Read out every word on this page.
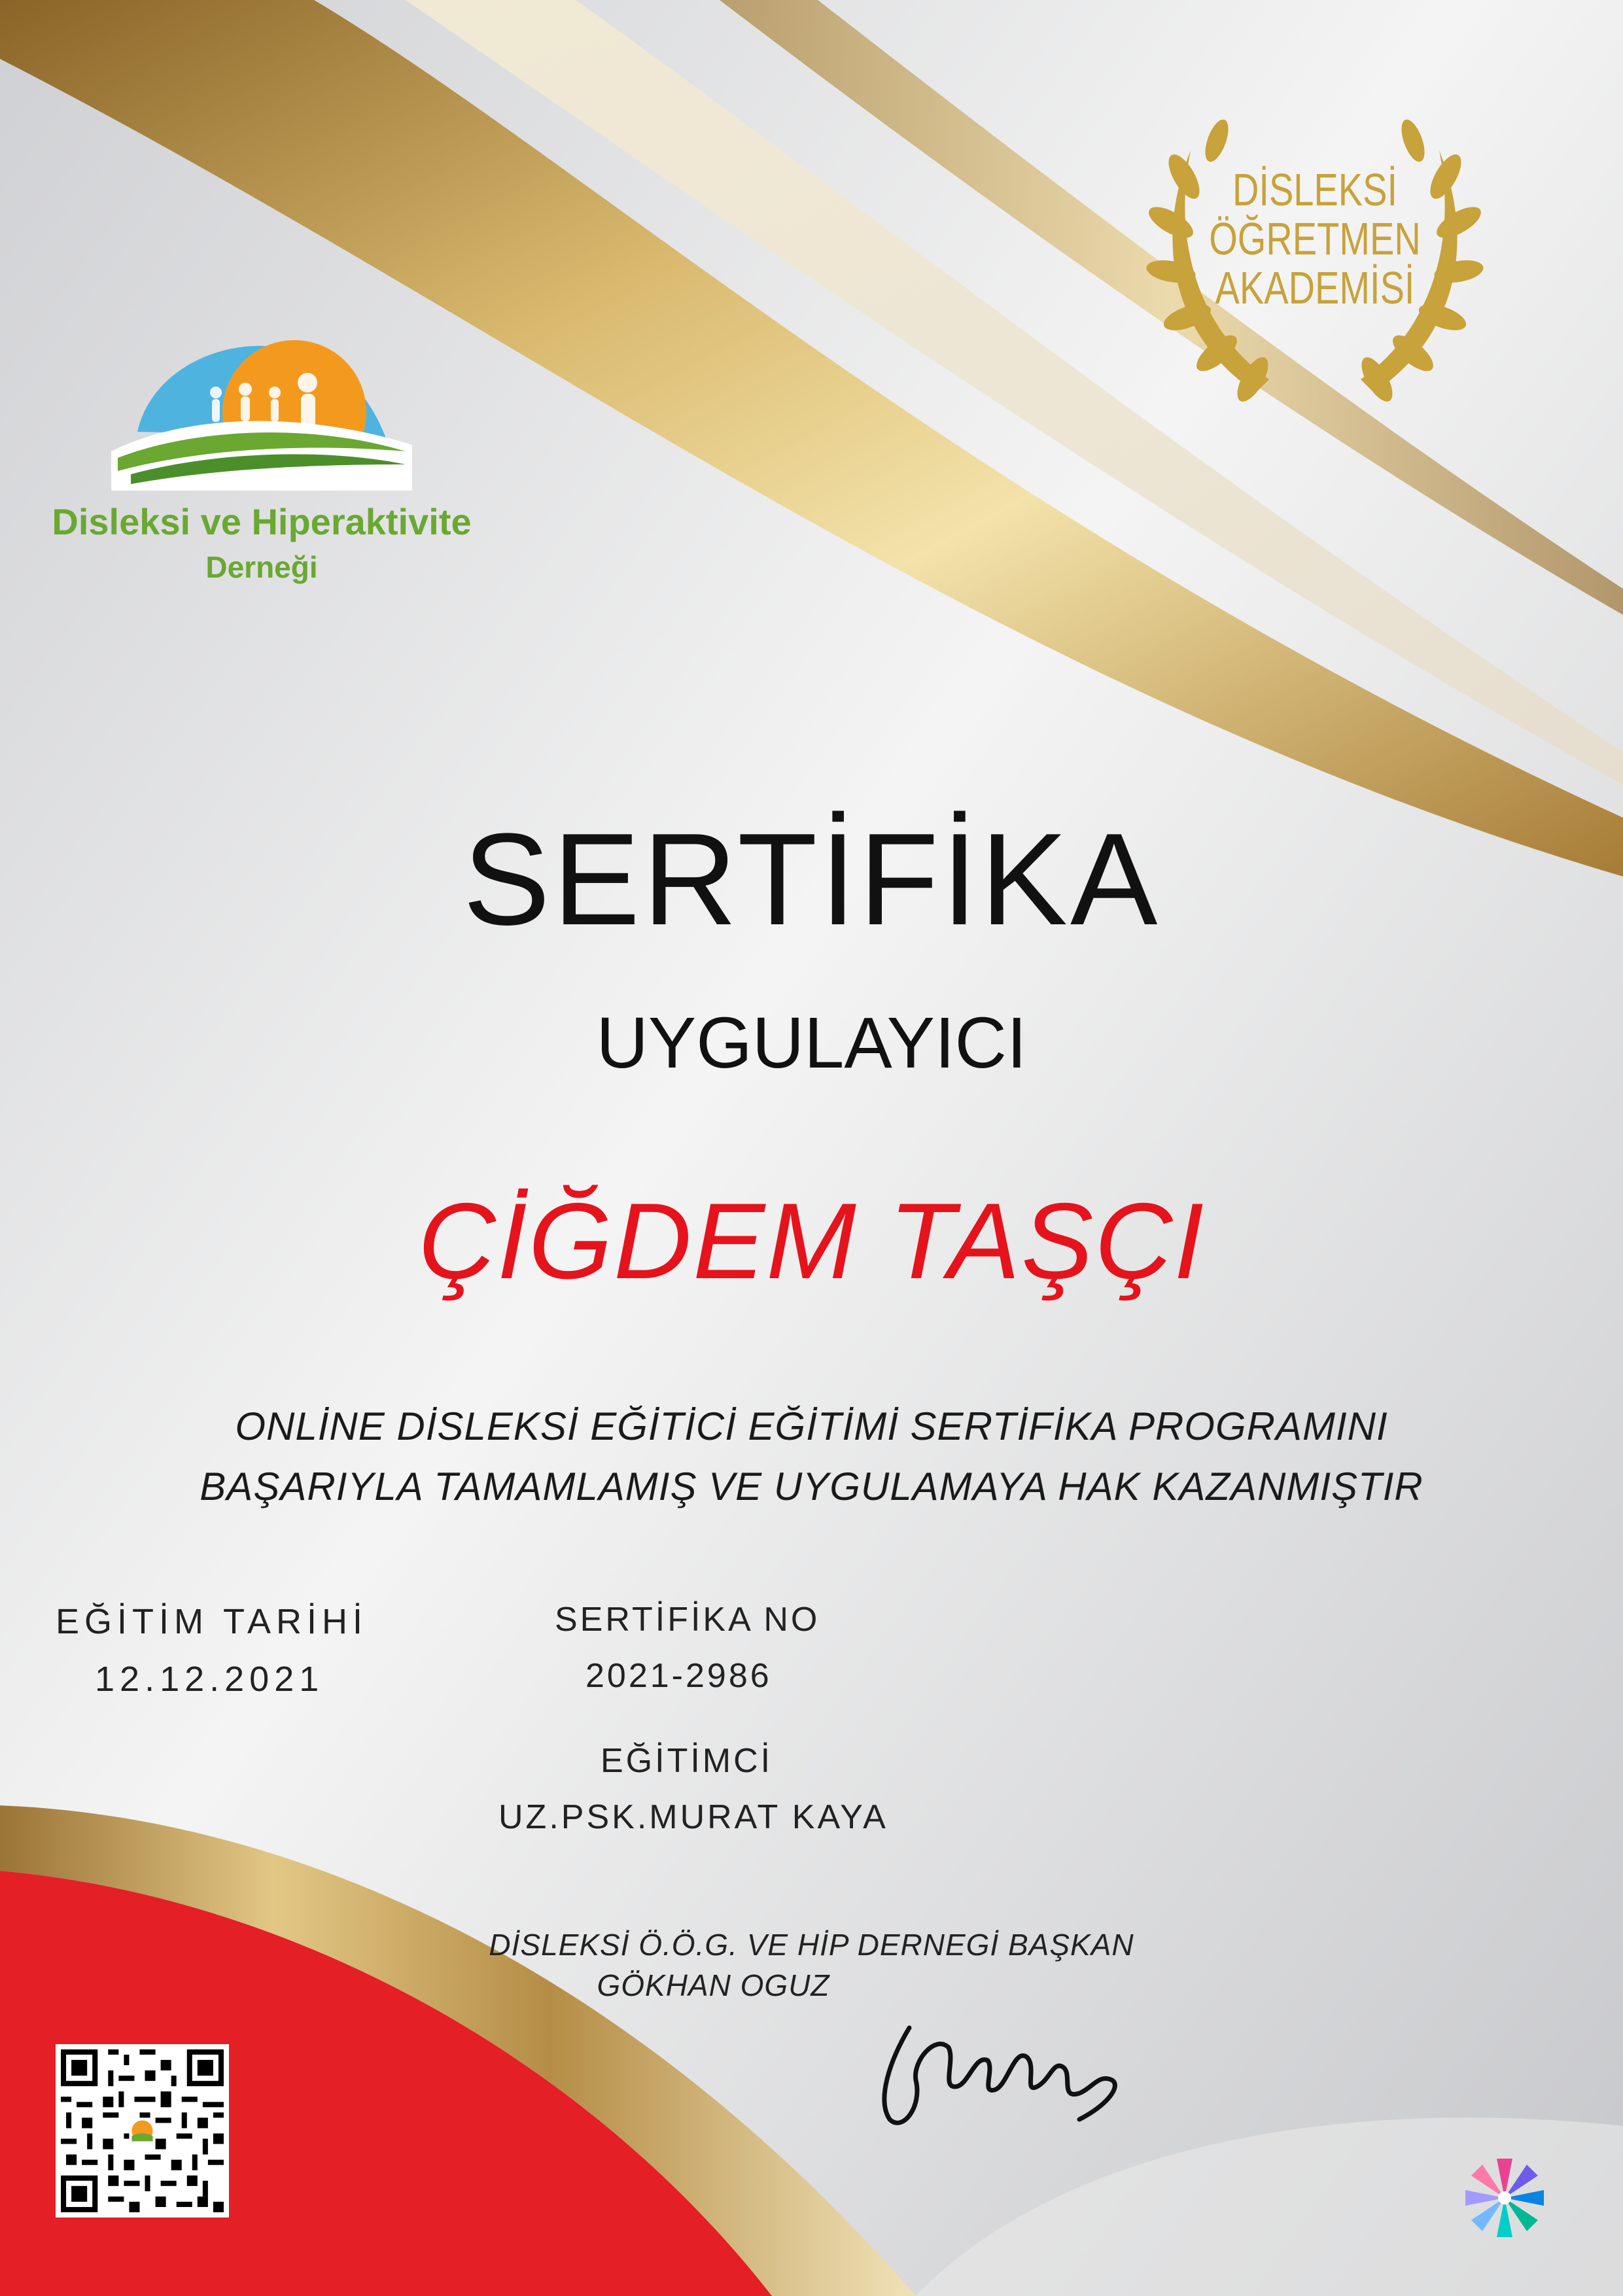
Disleksi ve Hiperaktivite
Derneği
DİSLEKSİ
ÖĞRETMEN
AKADEMİSİ
SERTİFİKA
UYGULAYICI
ÇİĞDEM TAŞÇI
ONLİNE DİSLEKSİ EĞİTİCİ EĞİTİMİ SERTİFİKA PROGRAMINI
BAŞARIYLA TAMAMLAMIŞ VE UYGULAMAYA HAK KAZANMIŞTIR
EĞİTİM TARİHİ
12.12.2021
SERTİFİKA NO
2021-2986
EĞİTİMCİ
UZ.PSK.MURAT KAYA
DİSLEKSİ Ö.Ö.G. VE HİP DERNEGİ BAŞKAN
GÖKHAN OGUZ
